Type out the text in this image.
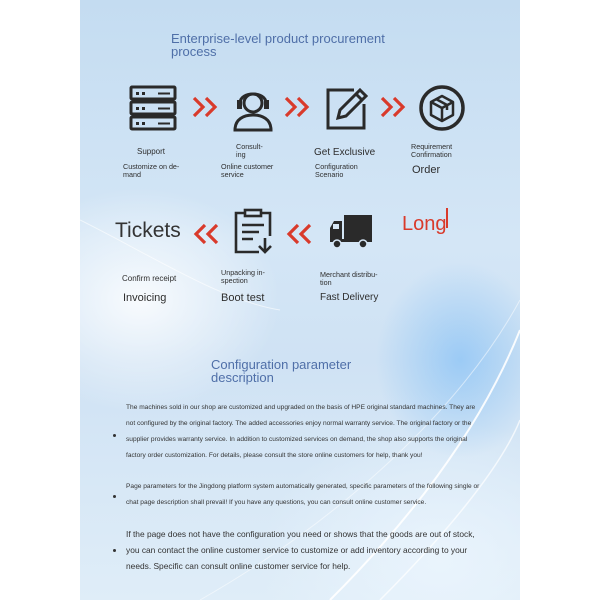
Enterprise-level product procurement process
Support
Customize on de-
mand
Consult-
ing
Online customer
service
Get Exclusive
Configuration
Scenario
Requirement
Confirmation
Order
Tickets	Long
Confirm receipt
Invoicing
Unpacking in-
spection
Boot test
Merchant distribu-
tion
Fast Delivery
Configuration parameter description

The machines sold in our shop are customized and upgraded on the basis of HPE original standard machines. They are not configured by the original factory. The added accessories enjoy normal warranty service. The original factory or the supplier provides warranty service. In addition to customized services on demand, the shop also supports the original factory order customization. For details, please consult the store online customers for help, thank you!

Page parameters for the Jingdong platform system automatically generated, specific parameters of the following single or chat page description shall prevail! If you have any questions, you can consult online customer service.

If the page does not have the configuration you need or shows that the goods are out of stock, you can contact the online customer service to customize or add inventory according to your needs. Specific can consult online customer service for help.
